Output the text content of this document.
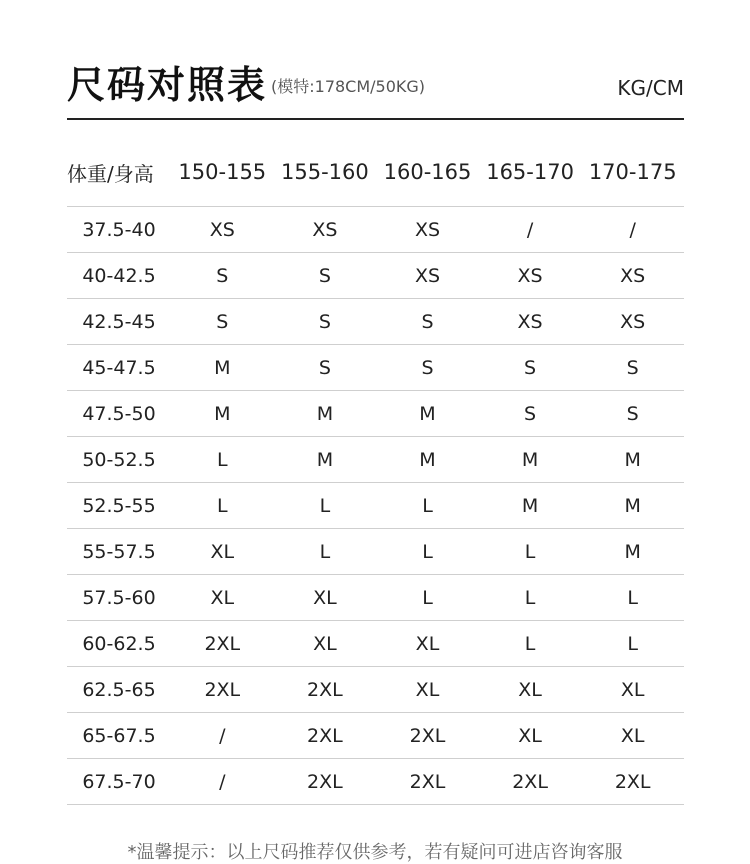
尺码对照表 (模特:178CM/50KG)	KG/CM
体重/身高	150-155	155-160	160-165	165-170	170-175
37.5-40	XS	XS	XS	/	/
40-42.5	S	S	XS	XS	XS
42.5-45	S	S	S	XS	XS
45-47.5	M	S	S	S	S
47.5-50	M	M	M	S	S
50-52.5	L	M	M	M	M
52.5-55	L	L	L	M	M
55-57.5	XL	L	L	L	M
57.5-60	XL	XL	L	L	L
60-62.5	2XL	XL	XL	L	L
62.5-65	2XL	2XL	XL	XL	XL
65-67.5	/	2XL	2XL	XL	XL
67.5-70	/	2XL	2XL	2XL	2XL
*温馨提示：以上尺码推荐仅供参考，若有疑问可进店咨询客服
